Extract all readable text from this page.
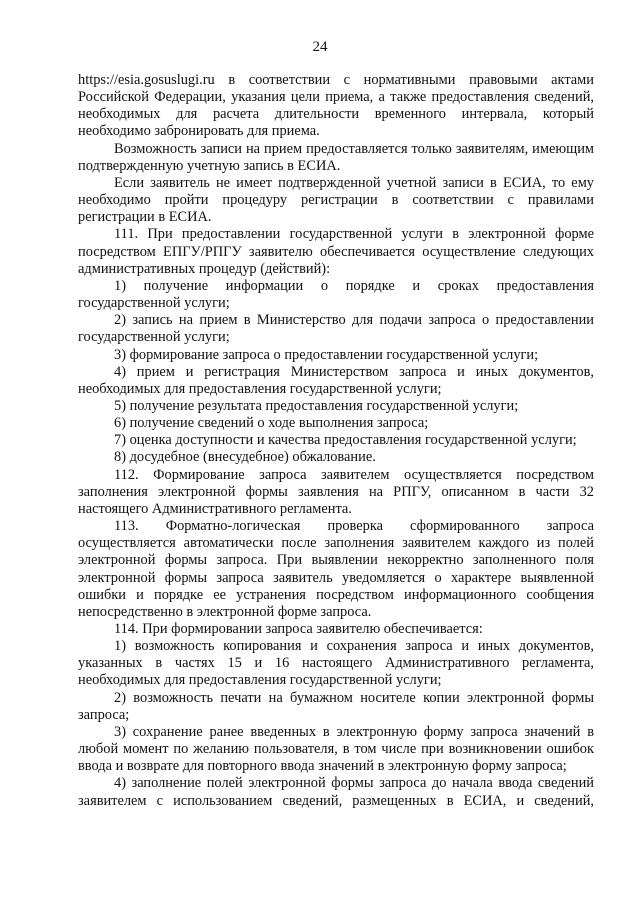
24

https://esia.gosuslugi.ru в соответствии с нормативными правовыми актами Российской Федерации, указания цели приема, а также предоставления сведений, необходимых для расчета длительности временного интервала, который необходимо забронировать для приема.

Возможность записи на прием предоставляется только заявителям, имеющим подтвержденную учетную запись в ЕСИА.

Если заявитель не имеет подтвержденной учетной записи в ЕСИА, то ему необходимо пройти процедуру регистрации в соответствии с правилами регистрации в ЕСИА.

111. При предоставлении государственной услуги в электронной форме посредством ЕПГУ/РПГУ заявителю обеспечивается осуществление следующих административных процедур (действий):

1) получение информации о порядке и сроках предоставления государственной услуги;

2) запись на прием в Министерство для подачи запроса о предоставлении государственной услуги;

3) формирование запроса о предоставлении государственной услуги;

4) прием и регистрация Министерством запроса и иных документов, необходимых для предоставления государственной услуги;

5) получение результата предоставления государственной услуги;

6) получение сведений о ходе выполнения запроса;

7) оценка доступности и качества предоставления государственной услуги;

8) досудебное (внесудебное) обжалование.

112. Формирование запроса заявителем осуществляется посредством заполнения электронной формы заявления на РПГУ, описанном в части 32 настоящего Административного регламента.

113. Форматно-логическая проверка сформированного запроса осуществляется автоматически после заполнения заявителем каждого из полей электронной формы запроса. При выявлении некорректно заполненного поля электронной формы запроса заявитель уведомляется о характере выявленной ошибки и порядке ее устранения посредством информационного сообщения непосредственно в электронной форме запроса.

114. При формировании запроса заявителю обеспечивается:

1) возможность копирования и сохранения запроса и иных документов, указанных в частях 15 и 16 настоящего Административного регламента, необходимых для предоставления государственной услуги;

2) возможность печати на бумажном носителе копии электронной формы запроса;

3) сохранение ранее введенных в электронную форму запроса значений в любой момент по желанию пользователя, в том числе при возникновении ошибок ввода и возврате для повторного ввода значений в электронную форму запроса;

4) заполнение полей электронной формы запроса до начала ввода сведений заявителем с использованием сведений, размещенных в ЕСИА, и сведений,
